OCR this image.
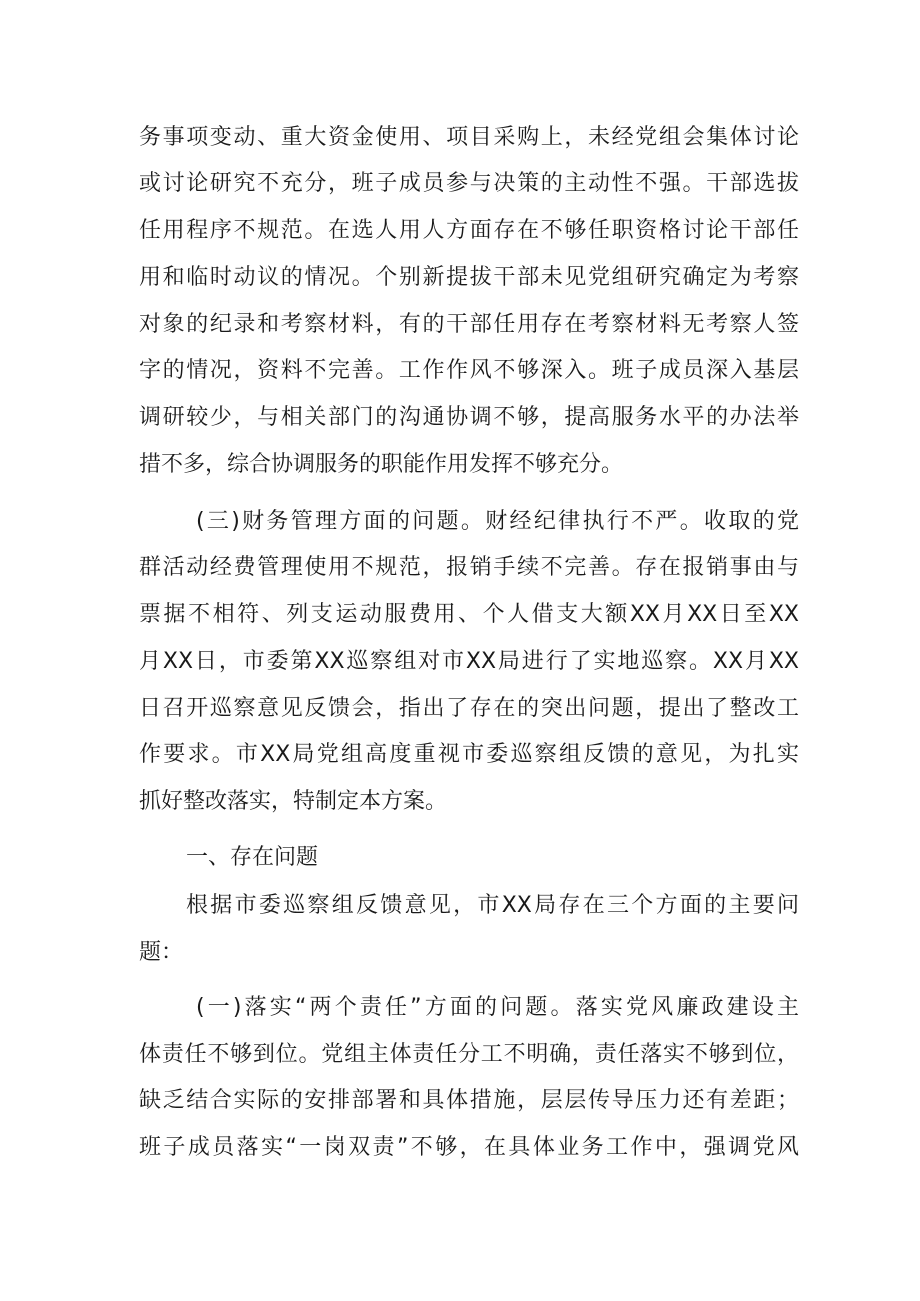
务事项变动、重大资金使用、项目采购上，未经党组会集体讨论
或讨论研究不充分，班子成员参与决策的主动性不强。干部选拔
任用程序不规范。在选人用人方面存在不够任职资格讨论干部任
用和临时动议的情况。个别新提拔干部未见党组研究确定为考察
对象的纪录和考察材料，有的干部任用存在考察材料无考察人签
字的情况，资料不完善。工作作风不够深入。班子成员深入基层
调研较少，与相关部门的沟通协调不够，提高服务水平的办法举
措不多，综合协调服务的职能作用发挥不够充分。
(三)财务管理方面的问题。财经纪律执行不严。收取的党
群活动经费管理使用不规范，报销手续不完善。存在报销事由与
票据不相符、列支运动服费用、个人借支大额XX月XX日至XX
月XX日，市委第XX巡察组对市XX局进行了实地巡察。XX月XX
日召开巡察意见反馈会，指出了存在的突出问题，提出了整改工
作要求。市XX局党组高度重视市委巡察组反馈的意见，为扎实
抓好整改落实，特制定本方案。
一、存在问题
根据市委巡察组反馈意见，市XX局存在三个方面的主要问
题：
(一)落实“两个责任”方面的问题。落实党风廉政建设主
体责任不够到位。党组主体责任分工不明确，责任落实不够到位，
缺乏结合实际的安排部署和具体措施，层层传导压力还有差距；
班子成员落实“一岗双责”不够，在具体业务工作中，强调党风
